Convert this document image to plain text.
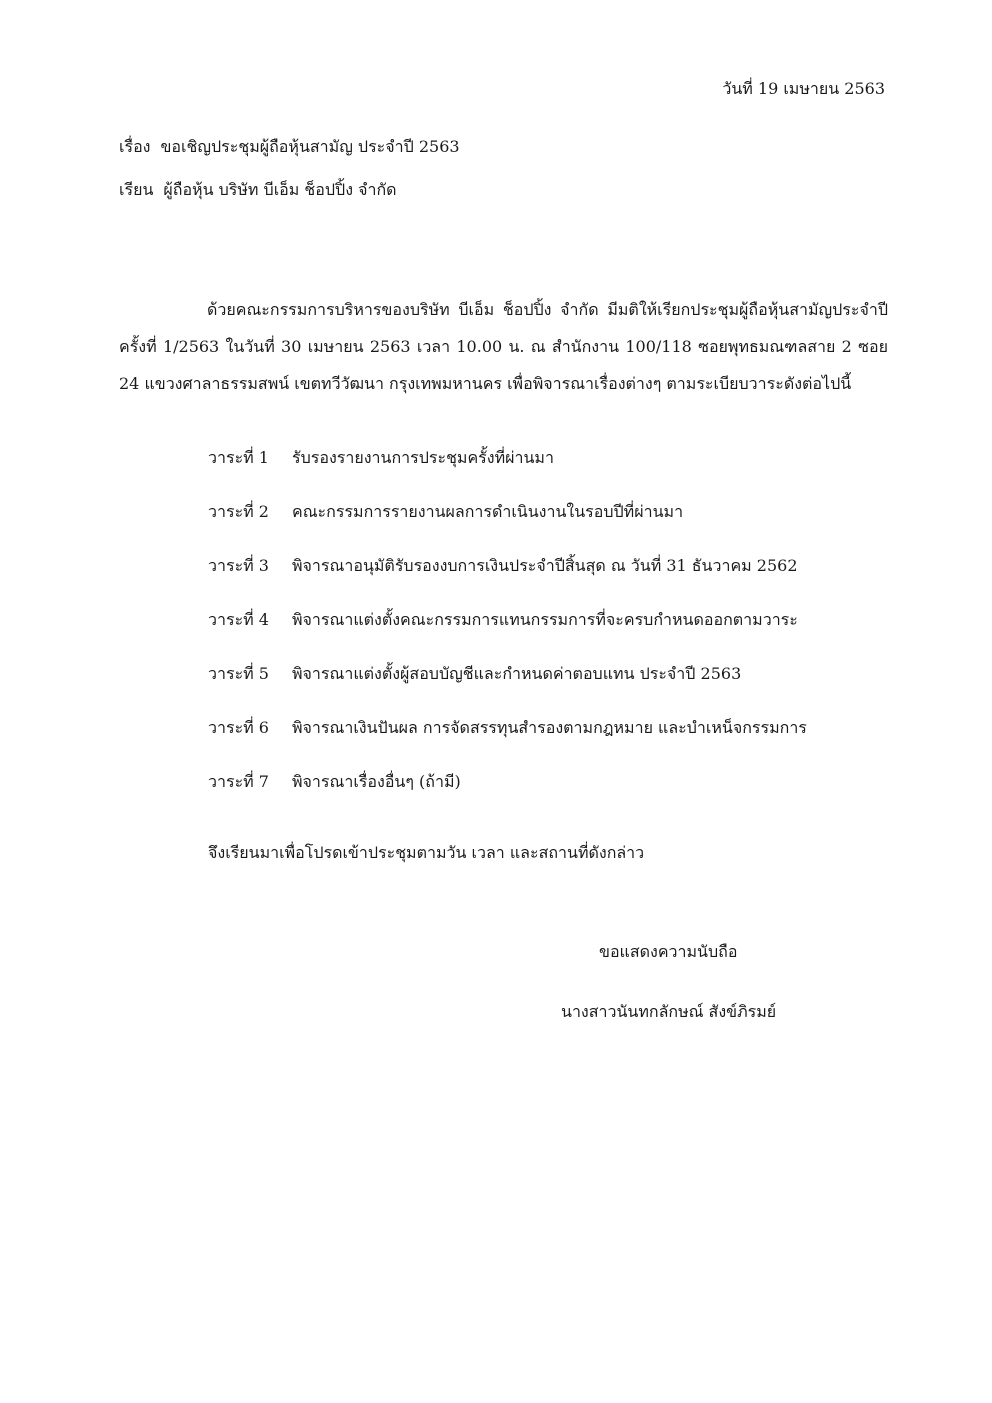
วันที่ 19 เมษายน 2563
เรื่อง ขอเชิญประชุมผู้ถือหุ้นสามัญ ประจำปี 2563
เรียน ผู้ถือหุ้น บริษัท บีเอ็ม ช็อปปิ้ง จำกัด
ด้วยคณะกรรมการบริหารของบริษัท บีเอ็ม ช็อปปิ้ง จำกัด มีมติให้เรียกประชุมผู้ถือหุ้นสามัญประจำปี ครั้งที่ 1/2563 ในวันที่ 30 เมษายน 2563 เวลา 10.00 น. ณ สำนักงาน 100/118 ซอยพุทธมณฑลสาย 2 ซอย 24 แขวงศาลาธรรมสพน์ เขตทวีวัฒนา กรุงเทพมหานคร เพื่อพิจารณาเรื่องต่างๆ ตามระเบียบวาระดังต่อไปนี้
วาระที่ 1 รับรองรายงานการประชุมครั้งที่ผ่านมา
วาระที่ 2 คณะกรรมการรายงานผลการดำเนินงานในรอบปีที่ผ่านมา
วาระที่ 3 พิจารณาอนุมัติรับรองงบการเงินประจำปีสิ้นสุด ณ วันที่ 31 ธันวาคม 2562
วาระที่ 4 พิจารณาแต่งตั้งคณะกรรมการแทนกรรมการที่จะครบกำหนดออกตามวาระ
วาระที่ 5 พิจารณาแต่งตั้งผู้สอบบัญชีและกำหนดค่าตอบแทน ประจำปี 2563
วาระที่ 6 พิจารณาเงินปันผล การจัดสรรทุนสำรองตามกฎหมาย และบำเหน็จกรรมการ
วาระที่ 7 พิจารณาเรื่องอื่นๆ (ถ้ามี)
จึงเรียนมาเพื่อโปรดเข้าประชุมตามวัน เวลา และสถานที่ดังกล่าว
ขอแสดงความนับถือ
นางสาวนันทกลักษณ์ สังข์ภิรมย์
